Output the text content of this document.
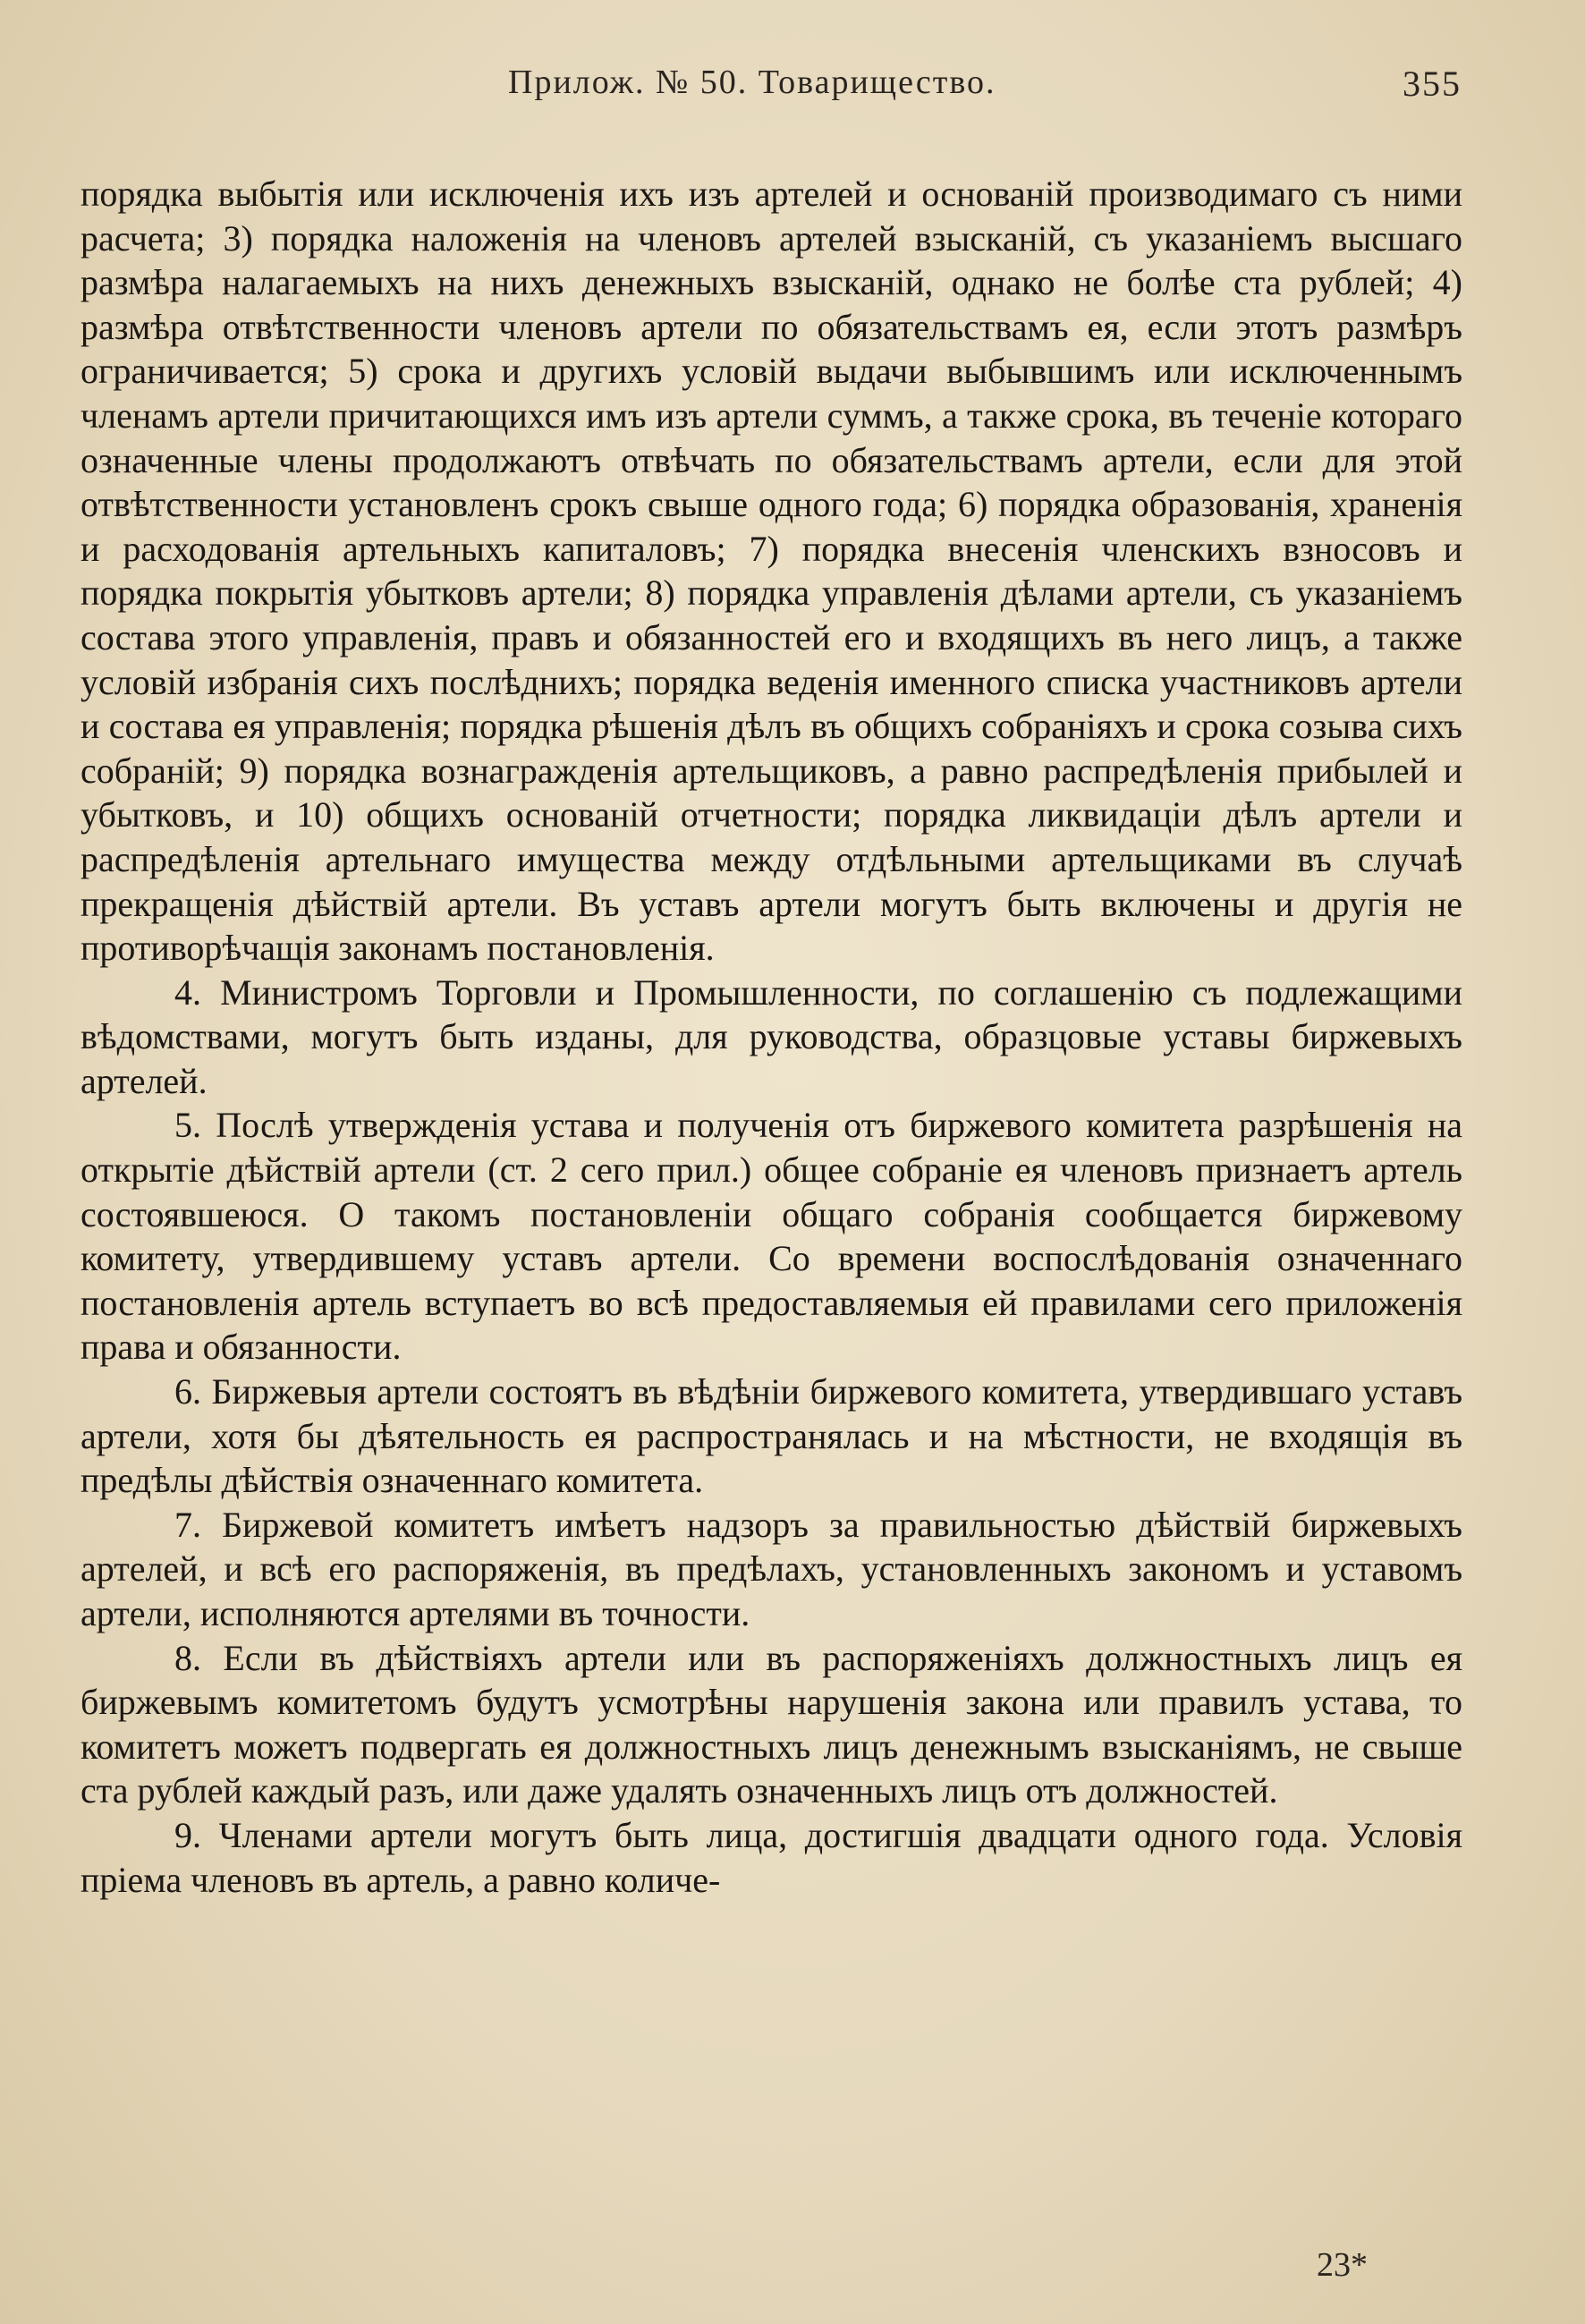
Прилож. № 50. Товарищество.	355

порядка выбытія или исключенія ихъ изъ артелей и основаній производимаго съ ними расчета; 3) порядка наложенія на членовъ артелей взысканій, съ указаніемъ высшаго размѣра налагаемыхъ на нихъ денежныхъ взысканій, однако не болѣе ста рублей; 4) размѣра отвѣтственности членовъ артели по обязательствамъ ея, если этотъ размѣръ ограничивается; 5) срока и другихъ условій выдачи выбывшимъ или исключеннымъ членамъ артели причитающихся имъ изъ артели суммъ, а также срока, въ теченіе котораго означенные члены продолжаютъ отвѣчать по обязательствамъ артели, если для этой отвѣтственности установленъ срокъ свыше одного года; 6) порядка образованія, храненія и расходованія артельныхъ капиталовъ; 7) порядка внесенія членскихъ взносовъ и порядка покрытія убытковъ артели; 8) порядка управленія дѣлами артели, съ указаніемъ состава этого управленія, правъ и обязанностей его и входящихъ въ него лицъ, а также условій избранія сихъ послѣднихъ; порядка веденія именного списка участниковъ артели и состава ея управленія; порядка рѣшенія дѣлъ въ общихъ собраніяхъ и срока созыва сихъ собраній; 9) порядка вознагражденія артельщиковъ, а равно распредѣленія прибылей и убытковъ, и 10) общихъ основаній отчетности; порядка ликвидаціи дѣлъ артели и распредѣленія артельнаго имущества между отдѣльными артельщиками въ случаѣ прекращенія дѣйствій артели. Въ уставъ артели могутъ быть включены и другія не противорѣчащія законамъ постановленія.

4. Министромъ Торговли и Промышленности, по соглашенію съ подлежащими вѣдомствами, могутъ быть изданы, для руководства, образцовые уставы биржевыхъ артелей.

5. Послѣ утвержденія устава и полученія отъ биржевого комитета разрѣшенія на открытіе дѣйствій артели (ст. 2 сего прил.) общее собраніе ея членовъ признаетъ артель состоявшеюся. О такомъ постановленіи общаго собранія сообщается биржевому комитету, утвердившему уставъ артели. Со времени воспослѣдованія означеннаго постановленія артель вступаетъ во всѣ предоставляемыя ей правилами сего приложенія права и обязанности.

6. Биржевыя артели состоятъ въ вѣдѣніи биржевого комитета, утвердившаго уставъ артели, хотя бы дѣятельность ея распространялась и на мѣстности, не входящія въ предѣлы дѣйствія означеннаго комитета.

7. Биржевой комитетъ имѣетъ надзоръ за правильностью дѣйствій биржевыхъ артелей, и всѣ его распоряженія, въ предѣлахъ, установленныхъ закономъ и уставомъ артели, исполняются артелями въ точности.

8. Если въ дѣйствіяхъ артели или въ распоряженіяхъ должностныхъ лицъ ея биржевымъ комитетомъ будутъ усмотрѣны нарушенія закона или правилъ устава, то комитетъ можетъ подвергать ея должностныхъ лицъ денежнымъ взысканіямъ, не свыше ста рублей каждый разъ, или даже удалять означенныхъ лицъ отъ должностей.

9. Членами артели могутъ быть лица, достигшія двадцати одного года. Условія пріема членовъ въ артель, а равно количе-

23*
